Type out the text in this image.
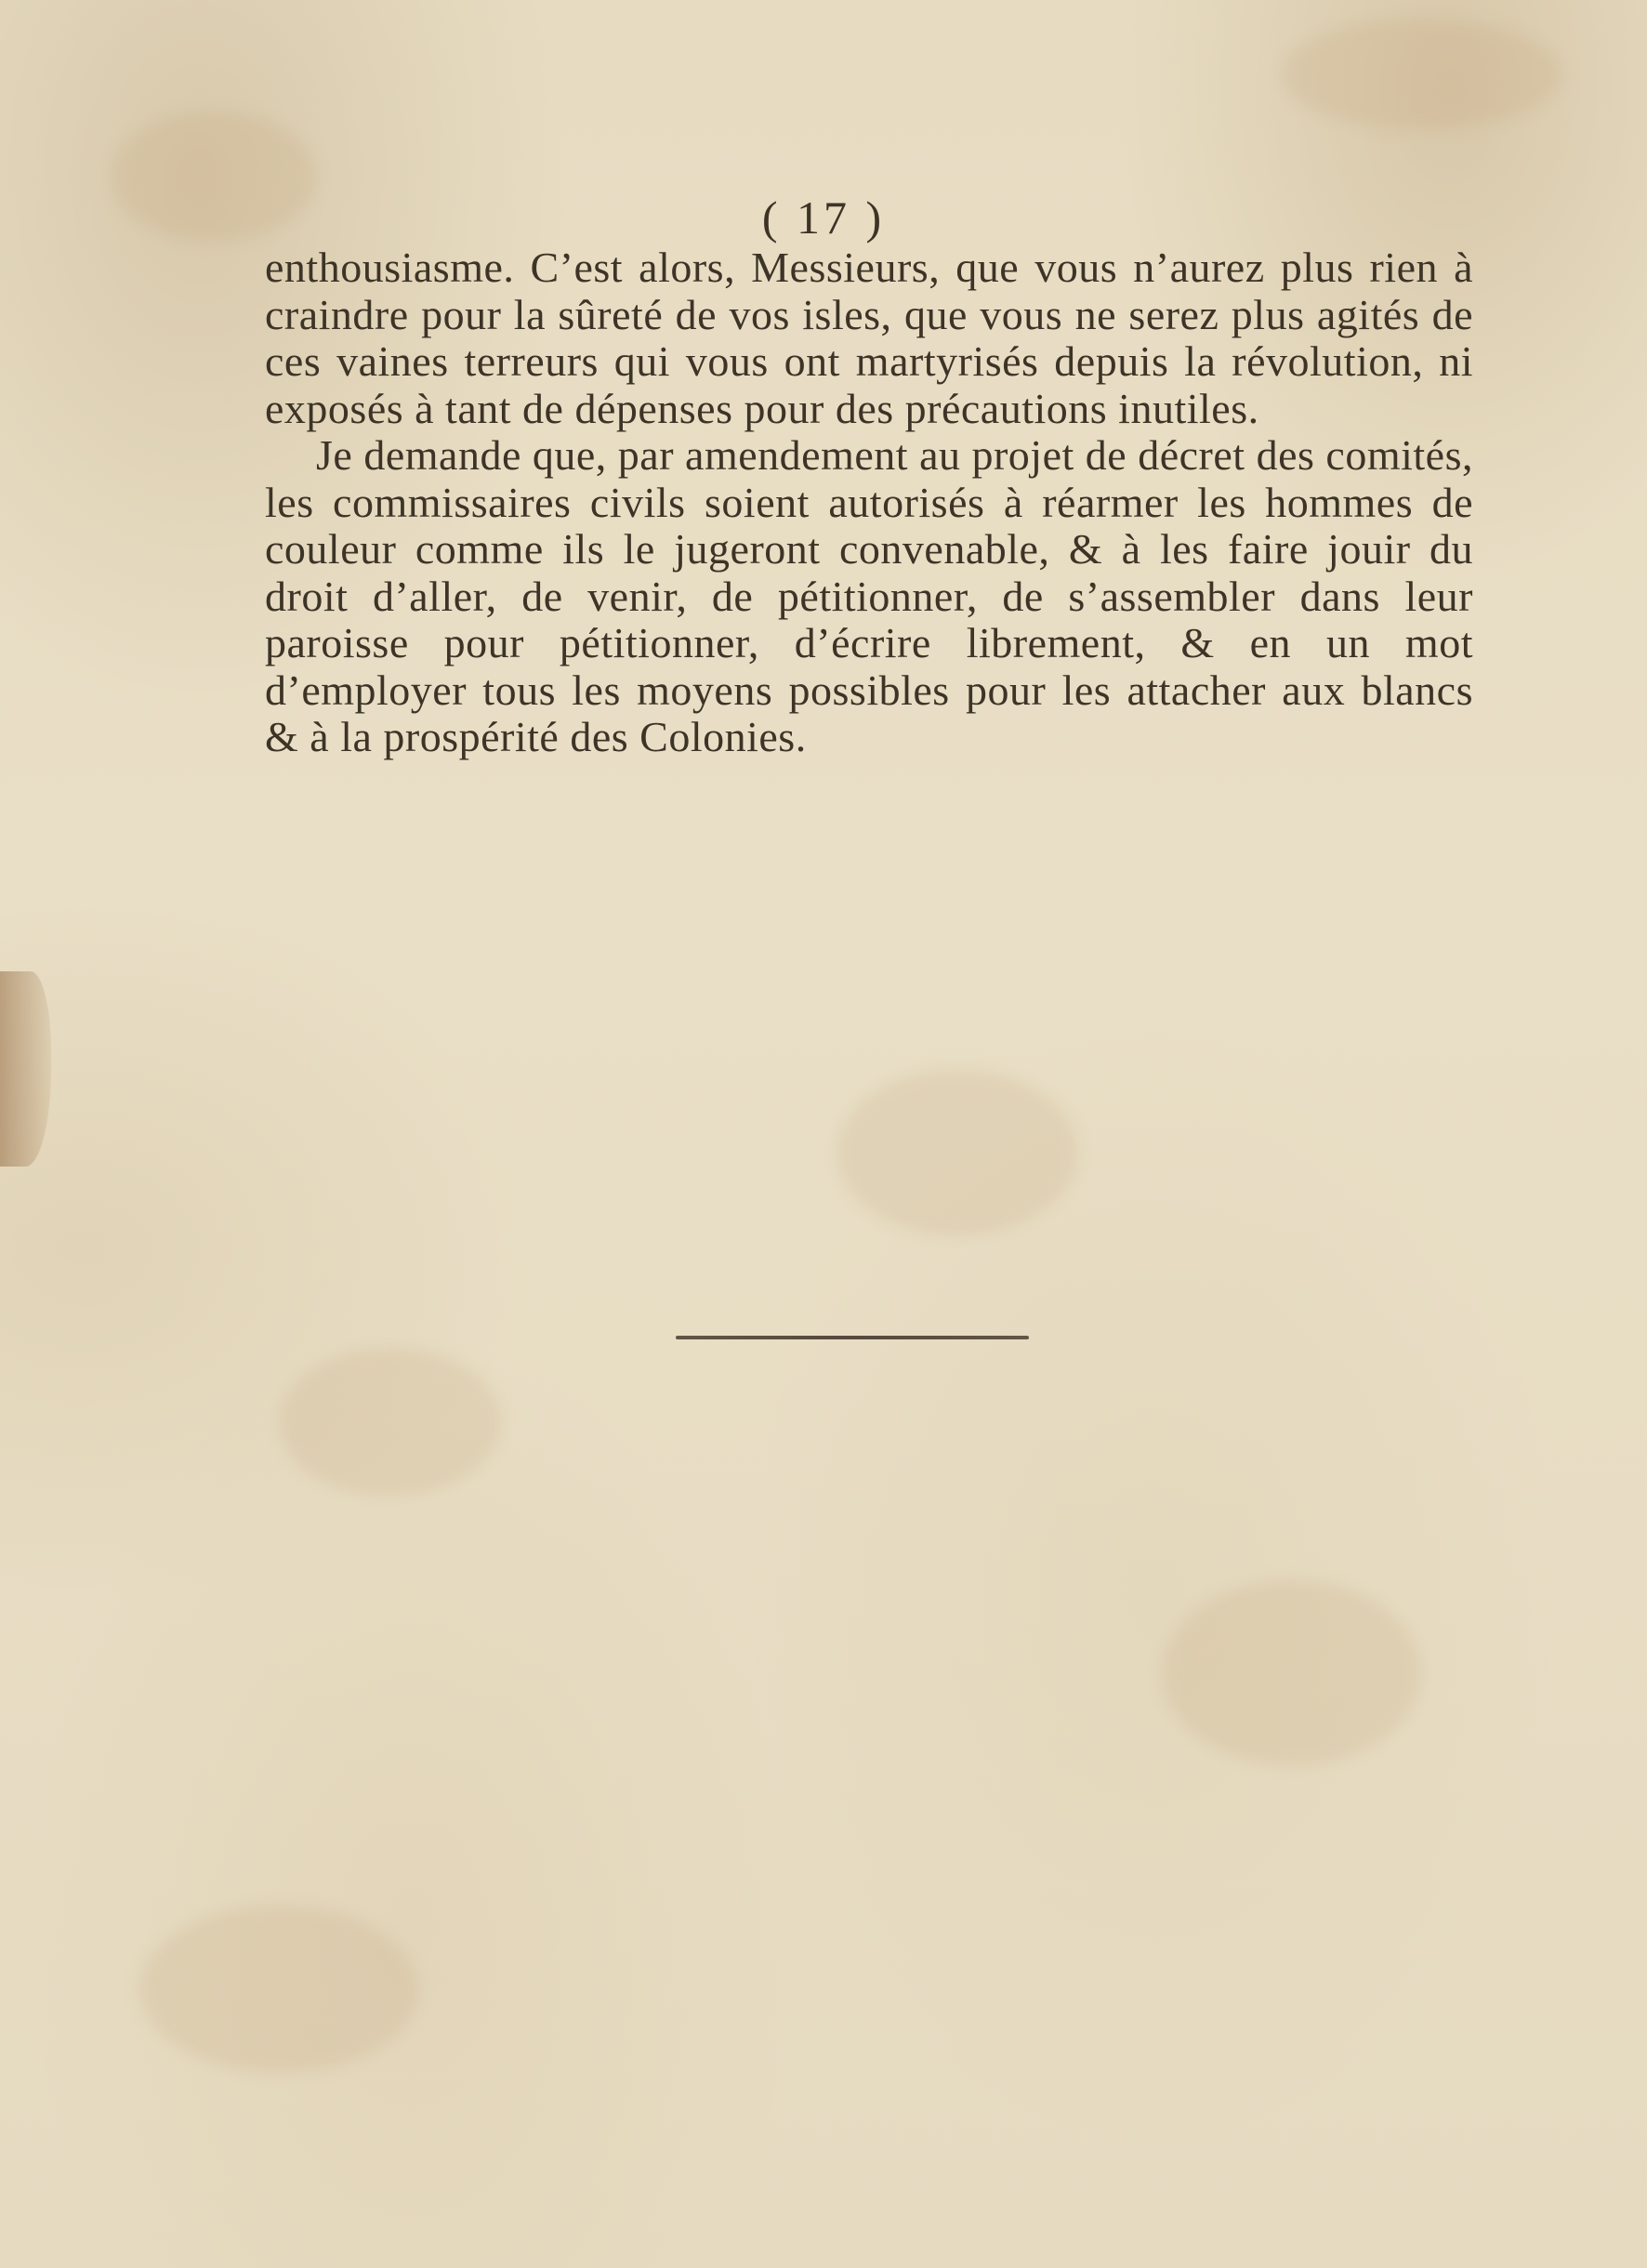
( 17 )

enthousiasme. C’est alors, Messieurs, que vous n’aurez plus rien à craindre pour la sûreté de vos isles, que vous ne serez plus agités de ces vaines terreurs qui vous ont martyrisés depuis la révolution, ni exposés à tant de dépenses pour des précautions inutiles.

Je demande que, par amendement au projet de décret des comités, les commissaires civils soient autorisés à réarmer les hommes de couleur comme ils le jugeront convenable, & à les faire jouir du droit d’aller, de venir, de pétitionner, de s’assembler dans leur paroisse pour pétitionner, d’écrire librement, & en un mot d’employer tous les moyens possibles pour les attacher aux blancs & à la prospérité des Colonies.
